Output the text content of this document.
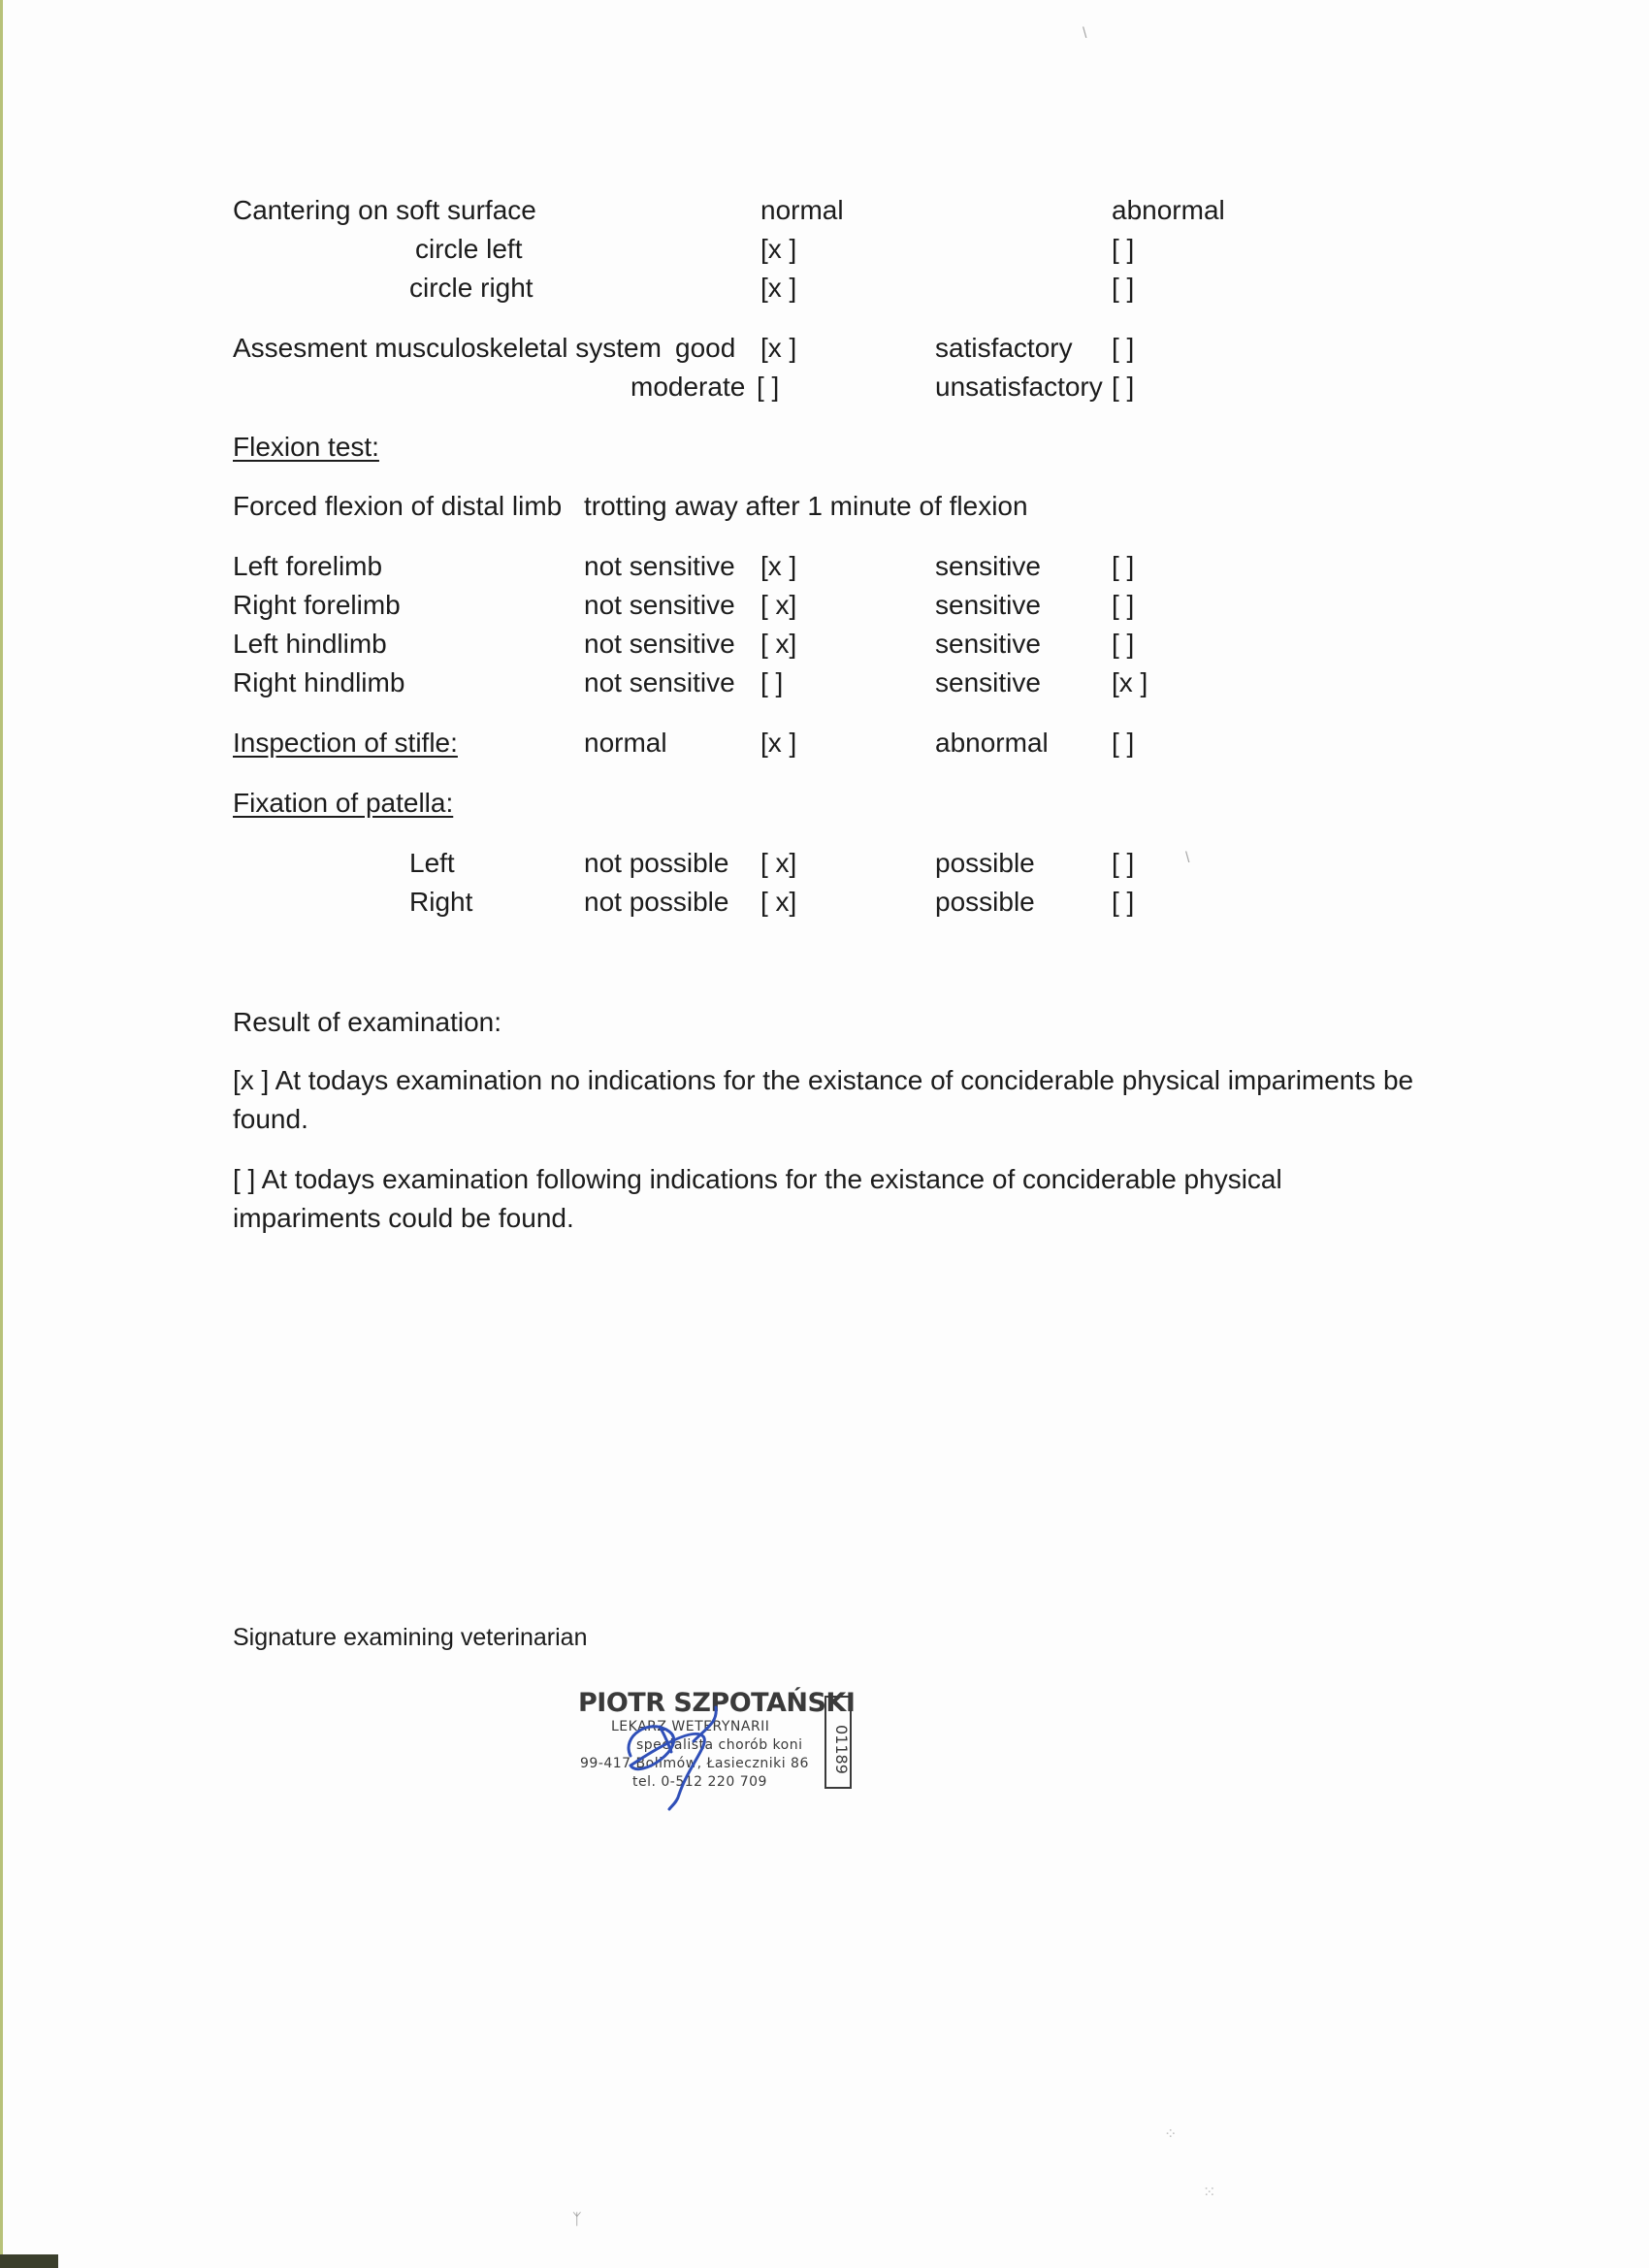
Cantering on soft surface	normal	abnormal
circle left	[x ]	[ ]
circle right	[x ]	[ ]
Assesment musculoskeletal system good [x ]	satisfactory [ ]
moderate [ ]	unsatisfactory [ ]
Flexion test:
Forced flexion of distal limb trotting away after 1 minute of flexion
Left forelimb	not sensitive [x ]	sensitive	[ ]
Right forelimb	not sensitive [ x]	sensitive	[ ]
Left hindlimb	not sensitive [ x]	sensitive	[ ]
Right hindlimb	not sensitive [ ]	sensitive	[x ]
Inspection of stifle:	normal	[x ]	abnormal [ ]
Fixation of patella:
Left	not possible [ x]	possible	[ ]
Right	not possible [ x]	possible	[ ]
Result of examination:
[x ] At todays examination no indications for the existance of conciderable physical impariments be found.
[ ] At todays examination following indications for the existance of conciderable physical impariments could be found.
Signature examining veterinarian
PIOTR SZPOTAŃSKI
LEKARZ WETERYNARII
specjalista chorób koni
99-417 Bolimów, Łasieczniki 86
tel. 0-512 220 709
01189
\
\
⁘
⁙
ᛉ
